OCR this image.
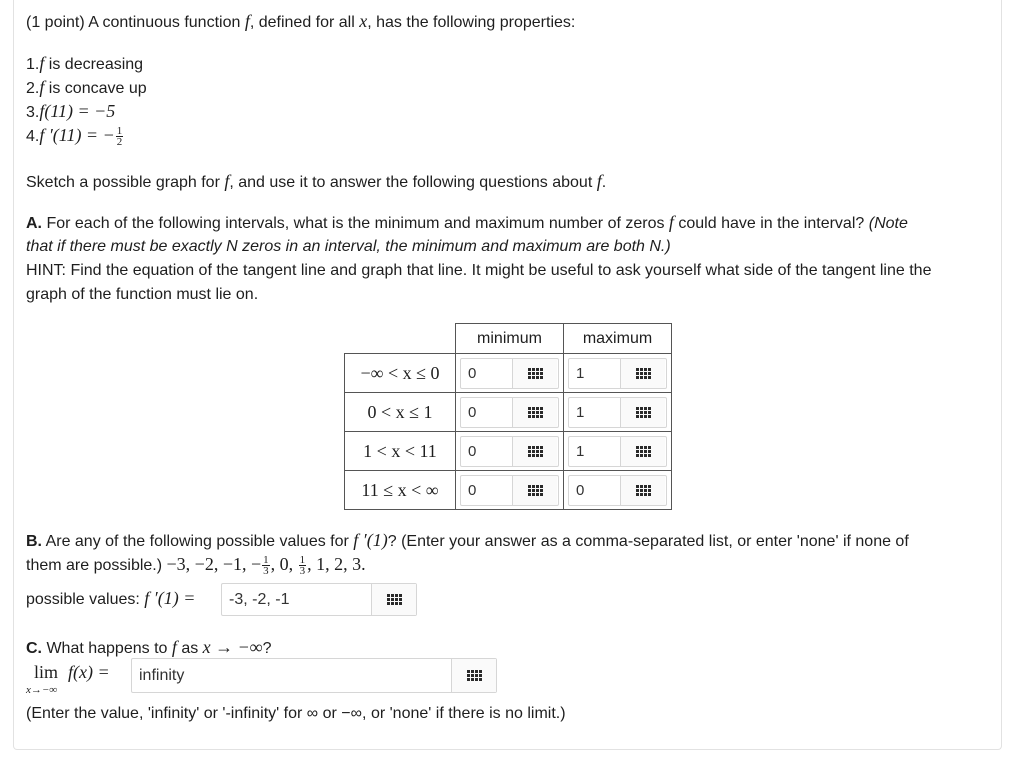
(1 point) A continuous function f, defined for all x, has the following properties:
1.f is decreasing
2.f is concave up
3.f(11) = −5
4.f ′(11) = − $\frac{1}{2}$
Sketch a possible graph for f, and use it to answer the following questions about f.
A. For each of the following intervals, what is the minimum and maximum number of zeros f could have in the interval? (Note
that if there must be exactly N zeros in an interval, the minimum and maximum are both N.)
HINT: Find the equation of the tangent line and graph that line. It might be useful to ask yourself what side of the tangent line the
graph of the function must lie on.
	minimum	maximum
−∞ < x ≤ 0	0	1

0 < x ≤ 1	0	1

1 < x < 11	0	1

11 ≤ x < ∞	0	0
B. Are any of the following possible values for f ′(1)? (Enter your answer as a comma-separated list, or enter 'none' if none of
them are possible.) −3, −2, −1, − $\frac{1}{3}$ , 0, $\frac{1}{3}$ , 1, 2, 3.
possible values: f ′(1) =	-3, -2, -1
C. What happens to f as x → −∞?
lim
x→−∞
f(x) =	infinity
(Enter the value, 'infinity' or '-infinity' for ∞ or −∞, or 'none' if there is no limit.)
